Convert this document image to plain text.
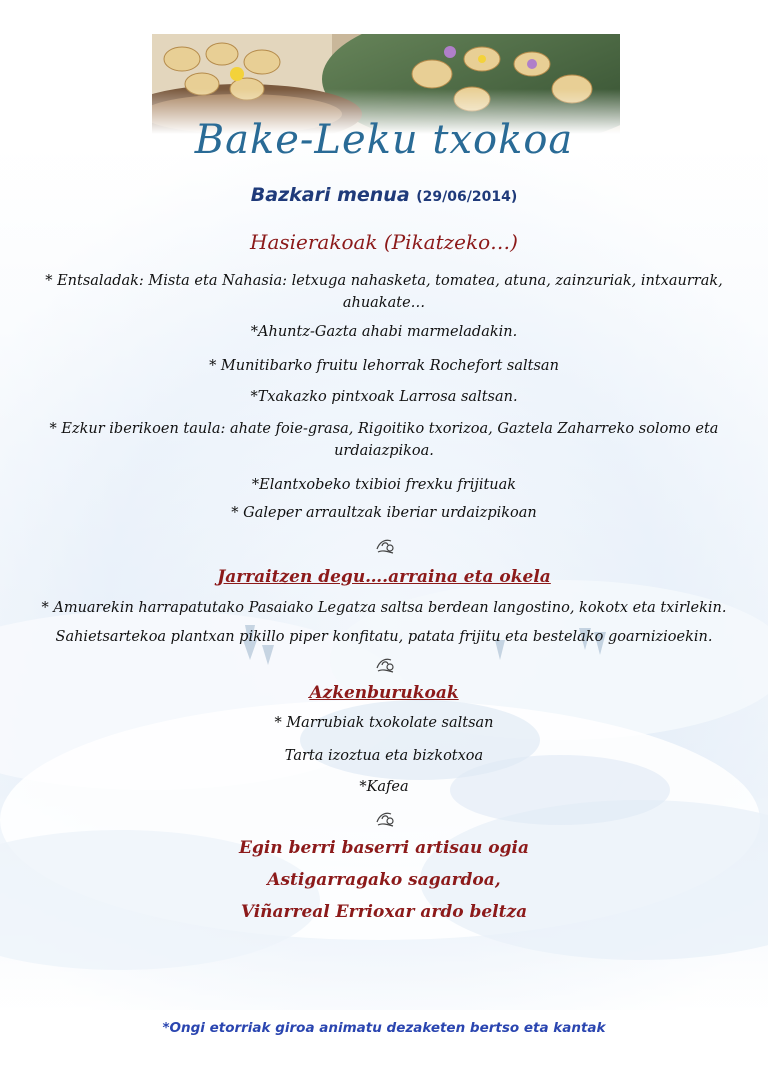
Bake-Leku txokoa
Bazkari menua (29/06/2014)
Hasierakoak (Pikatzeko…)
* Entsaladak: Mista eta Nahasia: letxuga nahasketa, tomatea, atuna, zainzuriak, intxaurrak, ahuakate…
*Ahuntz-Gazta ahabi marmeladakin.
* Munitibarko fruitu lehorrak Rochefort saltsan
*Txakazko pintxoak Larrosa saltsan.
* Ezkur iberikoen taula: ahate foie-grasa, Rigoitiko txorizoa, Gaztela Zaharreko solomo eta urdaiazpikoa.
*Elantxobeko txibioi frexku frijituak
* Galeper arraultzak iberiar urdaizpikoan
Jarraitzen degu….arraina eta okela
* Amuarekin harrapatutako Pasaiako Legatza saltsa berdean langostino, kokotx eta txirlekin.
Sahietsartekoa plantxan pikillo piper konfitatu, patata frijitu eta bestelako goarnizioekin.
Azkenburukoak
* Marrubiak txokolate saltsan
Tarta izoztua eta bizkotxoa
*Kafea
Egin berri baserri artisau ogia
Astigarragako sagardoa,
Viñarreal Errioxar ardo beltza
*Ongi etorriak giroa animatu dezaketen bertso eta kantak
